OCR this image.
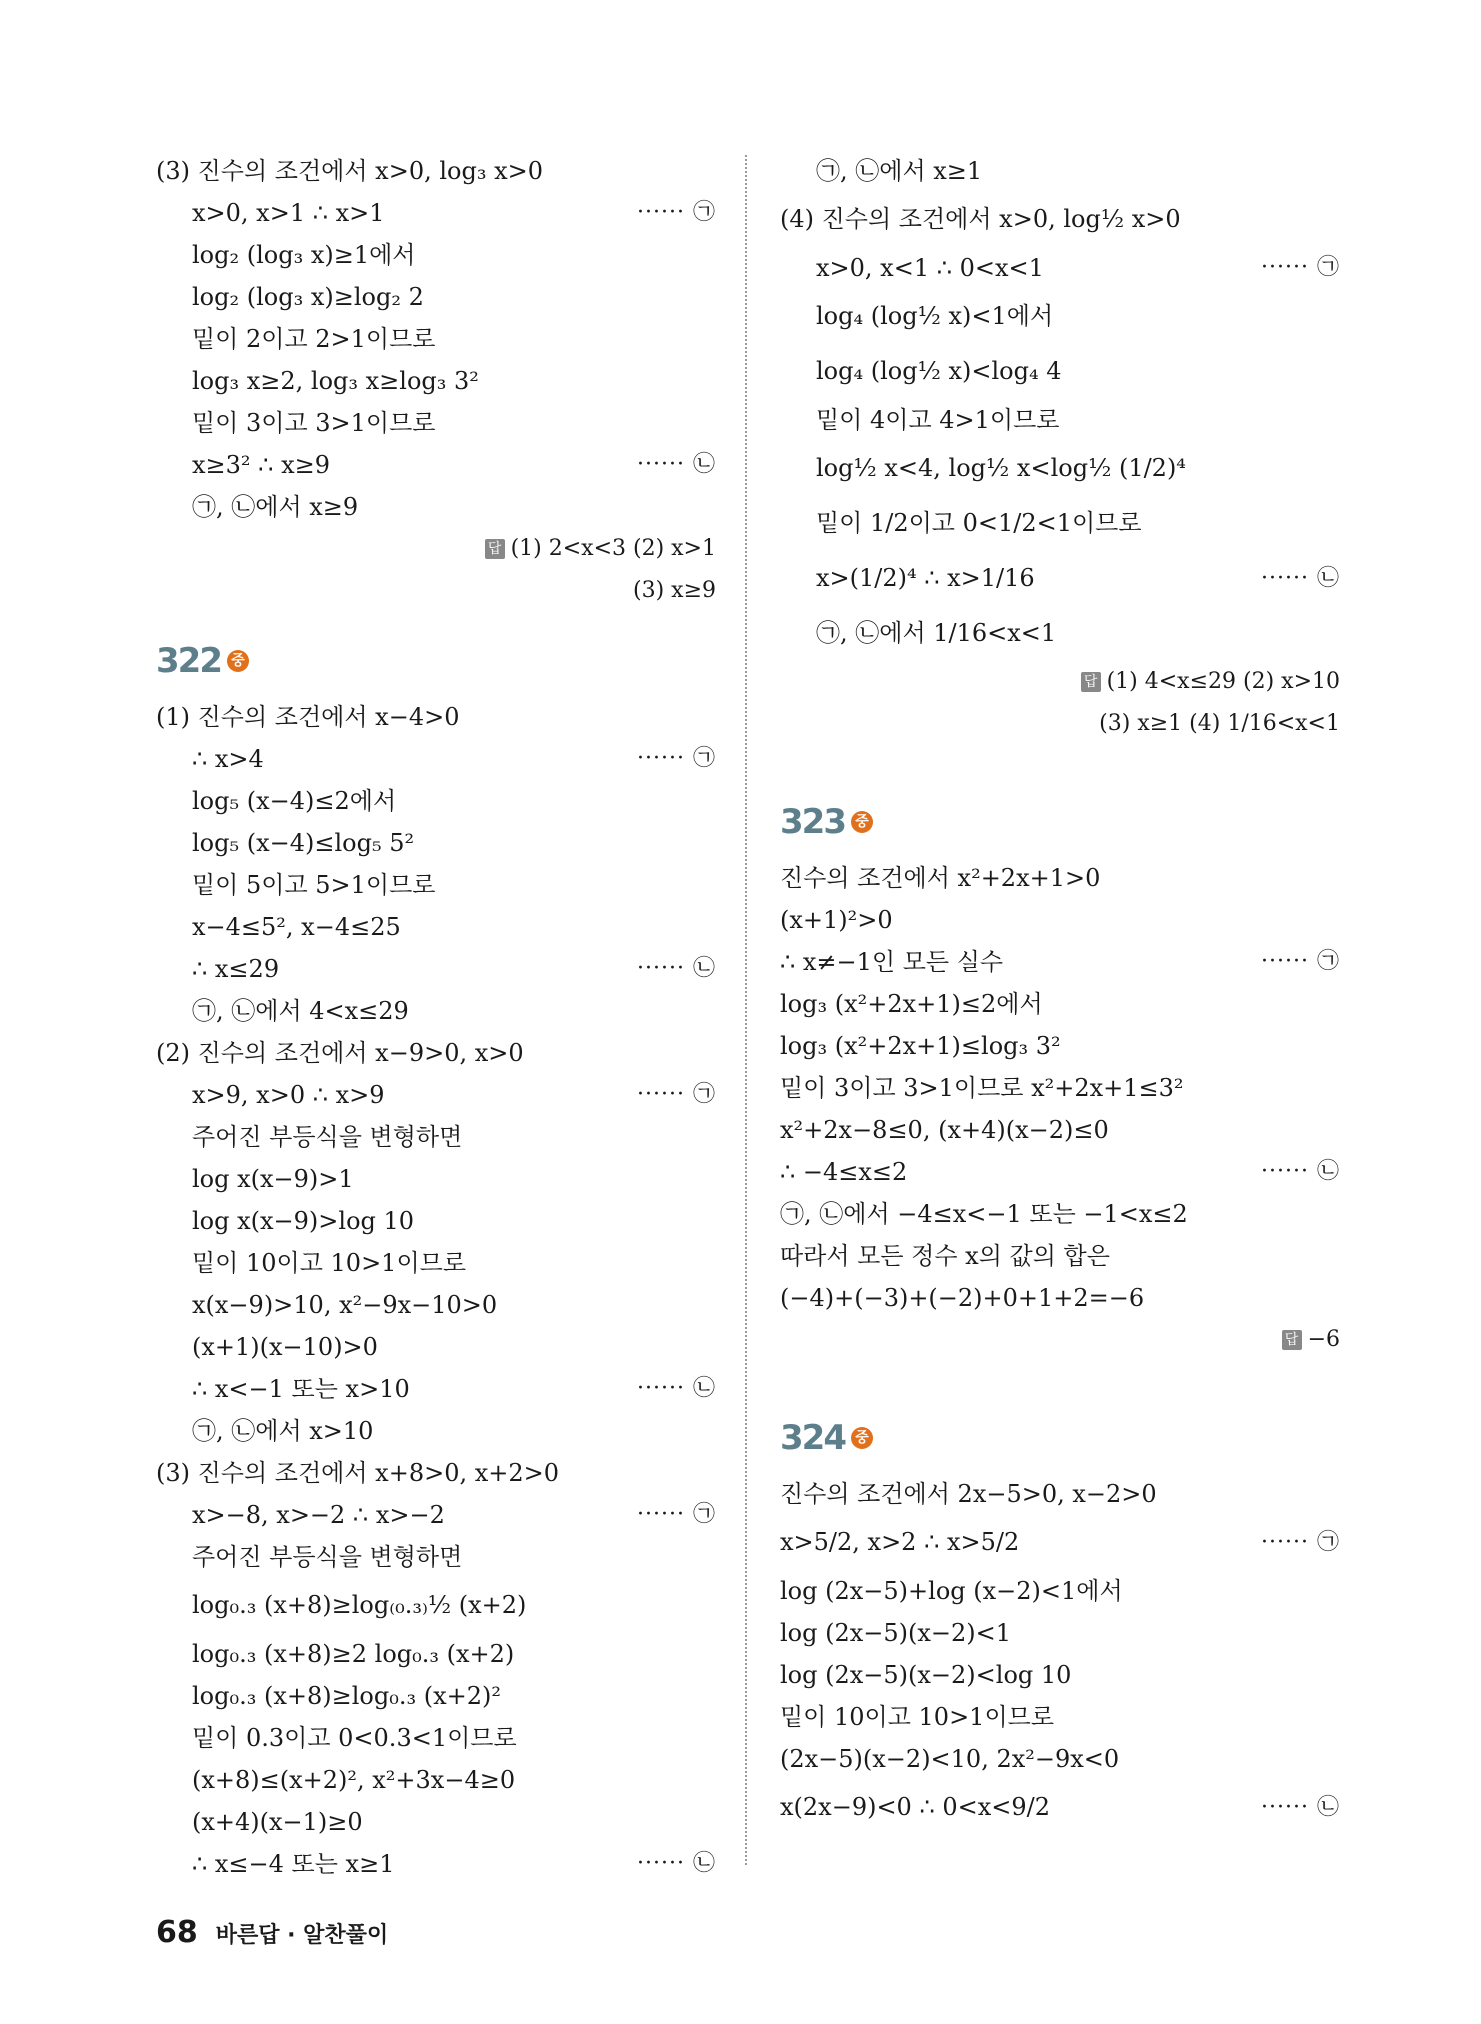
(3) 진수의 조건에서 x>0, log₃ x>0
x>0, x>1 ∴ x>1	······ ㉠
log₂ (log₃ x)≥1에서
log₂ (log₃ x)≥log₂ 2
밑이 2이고 2>1이므로
log₃ x≥2, log₃ x≥log₃ 3²
밑이 3이고 3>1이므로
x≥3² ∴ x≥9	······ ㉡
㉠, ㉡에서 x≥9
답 (1) 2<x<3 (2) x>1
(3) x≥9
322 중
(1) 진수의 조건에서 x−4>0
∴ x>4	······ ㉠
log₅ (x−4)≤2에서
log₅ (x−4)≤log₅ 5²
밑이 5이고 5>1이므로
x−4≤5², x−4≤25
∴ x≤29	······ ㉡
㉠, ㉡에서 4<x≤29
(2) 진수의 조건에서 x−9>0, x>0
x>9, x>0 ∴ x>9	······ ㉠
주어진 부등식을 변형하면
log x(x−9)>1
log x(x−9)>log 10
밑이 10이고 10>1이므로
x(x−9)>10, x²−9x−10>0
(x+1)(x−10)>0
∴ x<−1 또는 x>10	······ ㉡
㉠, ㉡에서 x>10
(3) 진수의 조건에서 x+8>0, x+2>0
x>−8, x>−2 ∴ x>−2	······ ㉠
주어진 부등식을 변형하면
log₀.₃ (x+8)≥log₍₀.₃₎½ (x+2)
log₀.₃ (x+8)≥2 log₀.₃ (x+2)
log₀.₃ (x+8)≥log₀.₃ (x+2)²
밑이 0.3이고 0<0.3<1이므로
(x+8)≤(x+2)², x²+3x−4≥0
(x+4)(x−1)≥0
∴ x≤−4 또는 x≥1	······ ㉡
㉠, ㉡에서 x≥1
(4) 진수의 조건에서 x>0, log½ x>0
x>0, x<1 ∴ 0<x<1	······ ㉠
log₄ (log½ x)<1에서
log₄ (log½ x)<log₄ 4
밑이 4이고 4>1이므로
log½ x<4, log½ x<log½ (1/2)⁴
밑이 1/2이고 0<1/2<1이므로
x>(1/2)⁴ ∴ x>1/16	······ ㉡
㉠, ㉡에서 1/16<x<1
답 (1) 4<x≤29 (2) x>10
(3) x≥1 (4) 1/16<x<1
323 중
진수의 조건에서 x²+2x+1>0
(x+1)²>0
∴ x≠−1인 모든 실수	······ ㉠
log₃ (x²+2x+1)≤2에서
log₃ (x²+2x+1)≤log₃ 3²
밑이 3이고 3>1이므로 x²+2x+1≤3²
x²+2x−8≤0, (x+4)(x−2)≤0
∴ −4≤x≤2	······ ㉡
㉠, ㉡에서 −4≤x<−1 또는 −1<x≤2
따라서 모든 정수 x의 값의 합은
(−4)+(−3)+(−2)+0+1+2=−6
답 −6
324 중
진수의 조건에서 2x−5>0, x−2>0
x>5/2, x>2 ∴ x>5/2	······ ㉠
log (2x−5)+log (x−2)<1에서
log (2x−5)(x−2)<1
log (2x−5)(x−2)<log 10
밑이 10이고 10>1이므로
(2x−5)(x−2)<10, 2x²−9x<0
x(2x−9)<0 ∴ 0<x<9/2	······ ㉡
68 바른답 · 알찬풀이
